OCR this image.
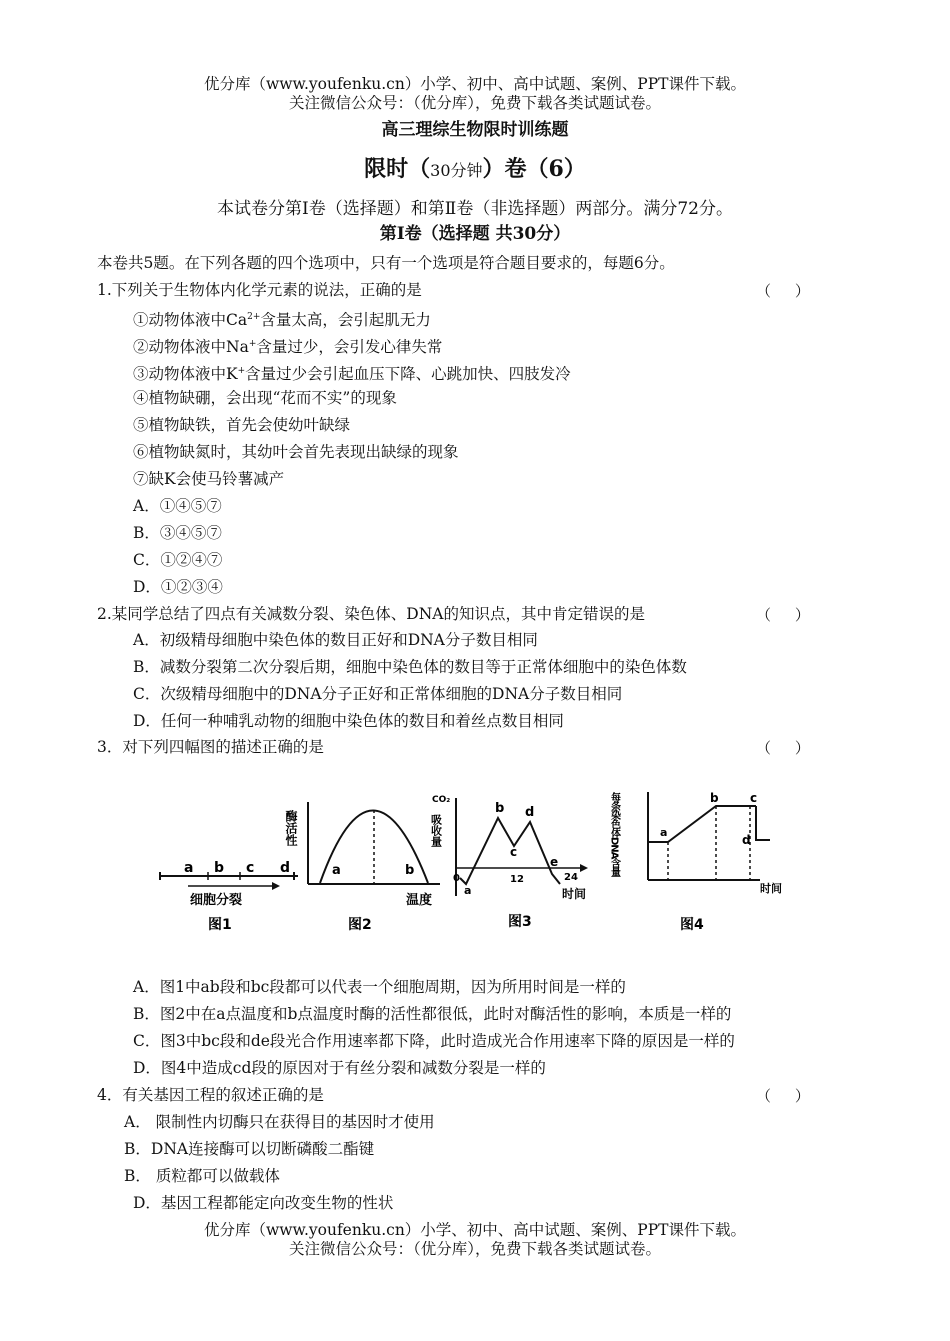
优分库（www.youfenku.cn）小学、初中、高中试题、案例、PPT课件下载。
关注微信公众号：（优分库），免费下载各类试题试卷。
高三理综生物限时训练题
限时（30分钟）卷（6）
本试卷分第Ⅰ卷（选择题）和第Ⅱ卷（非选择题）两部分。满分72分。
第Ⅰ卷（选择题 共30分）
本卷共5题。在下列各题的四个选项中，只有一个选项是符合题目要求的，每题6分。
1.下列关于生物体内化学元素的说法，正确的是	（     ）
①动物体液中$Ca^{2+}$含量太高，会引起肌无力
②动物体液中Na+含量过少，会引发心律失常
③动物体液中K+含量过少会引起血压下降、心跳加快、四肢发冷
④植物缺硼，会出现“花而不实”的现象
⑤植物缺铁，首先会使幼叶缺绿
⑥植物缺氮时，其幼叶会首先表现出缺绿的现象
⑦缺K会使马铃薯减产
A．①④⑤⑦
B．③④⑤⑦
C．①②④⑦
D．①②③④
2.某同学总结了四点有关减数分裂、染色体、DNA的知识点，其中肯定错误的是	（     ）
A．初级精母细胞中染色体的数目正好和DNA分子数目相同
B．减数分裂第二次分裂后期，细胞中染色体的数目等于正常体细胞中的染色体数
C．次级精母细胞中的DNA分子正好和正常体细胞的DNA分子数目相同
D．任何一种哺乳动物的细胞中染色体的数目和着丝点数目相同
3．对下列四幅图的描述正确的是	（     ）
a b c d
细胞分裂
图1
酶活性
a	b
温度
图2
CO₂
吸收量
0	12	24
a
b
c
d
e
时间
图3
每条染色体DNA含量	a
b	c
d
时间
图4
A．图1中ab段和bc段都可以代表一个细胞周期，因为所用时间是一样的
B．图2中在a点温度和b点温度时酶的活性都很低，此时对酶活性的影响，本质是一样的
C．图3中bc段和de段光合作用速率都下降，此时造成光合作用速率下降的原因是一样的
D．图4中造成cd段的原因对于有丝分裂和减数分裂是一样的
4．有关基因工程的叙述正确的是	（     ）
A． 限制性内切酶只在获得目的基因时才使用
B．DNA连接酶可以切断磷酸二酯键
B． 质粒都可以做载体
D．基因工程都能定向改变生物的性状
优分库（www.youfenku.cn）小学、初中、高中试题、案例、PPT课件下载。
关注微信公众号：（优分库），免费下载各类试题试卷。
